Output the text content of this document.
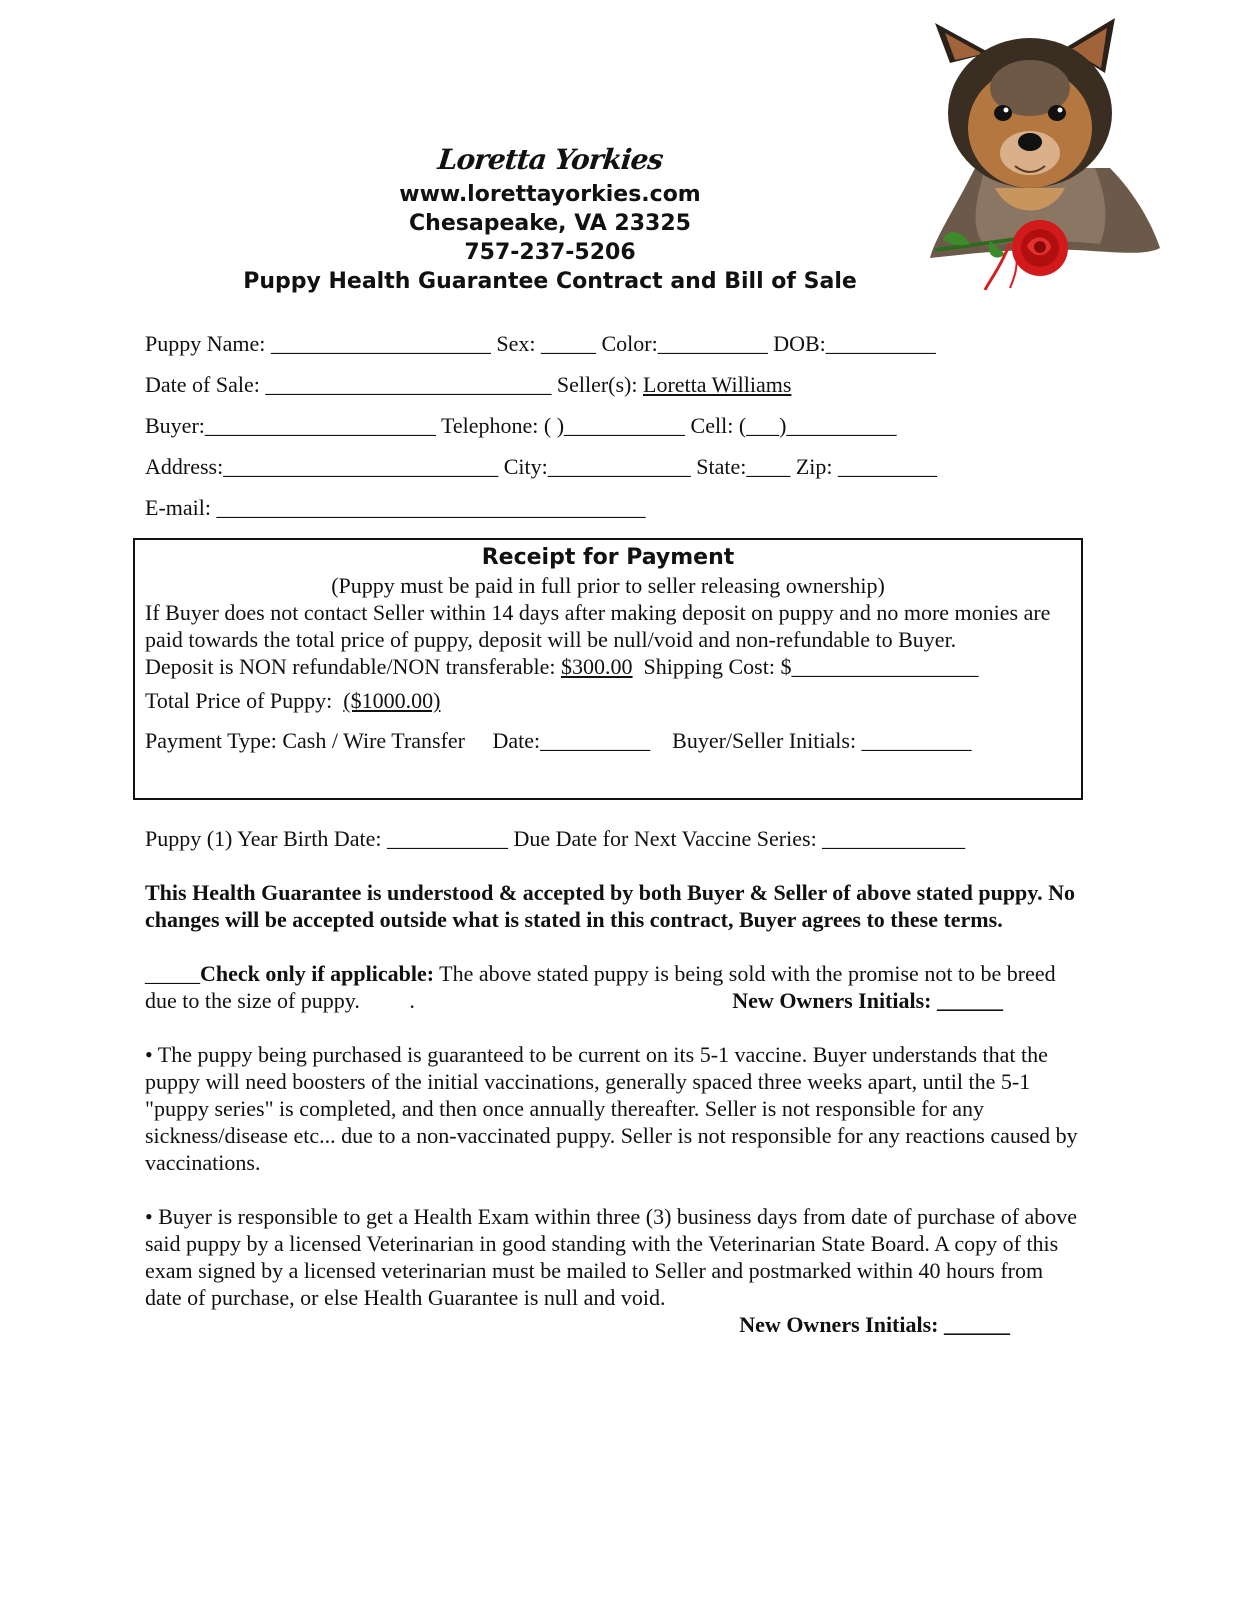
Loretta Yorkies
www.lorettayorkies.com
Chesapeake, VA 23325
757-237-5206
Puppy Health Guarantee Contract and Bill of Sale
Puppy Name: ____________________ Sex: _____ Color:__________ DOB:__________
Date of Sale: __________________________ Seller(s): Loretta Williams
Buyer:_____________________ Telephone: ( )___________ Cell: (___)__________
Address:_________________________ City:_____________ State:____ Zip: _________
E-mail: _______________________________________
Receipt for Payment
(Puppy must be paid in full prior to seller releasing ownership)
If Buyer does not contact Seller within 14 days after making deposit on puppy and no more monies are paid towards the total price of puppy, deposit will be null/void and non-refundable to Buyer.
Deposit is NON refundable/NON transferable: $300.00  Shipping Cost: $_________________
Total Price of Puppy:  ($1000.00)
Payment Type: Cash / Wire Transfer     Date:__________    Buyer/Seller Initials: __________

Puppy (1) Year Birth Date: ___________ Due Date for Next Vaccine Series: _____________

This Health Guarantee is understood & accepted by both Buyer & Seller of above stated puppy. No changes will be accepted outside what is stated in this contract, Buyer agrees to these terms.

_____Check only if applicable: The above stated puppy is being sold with the promise not to be breed due to the size of puppy.         .	New Owners Initials: ______

• The puppy being purchased is guaranteed to be current on its 5-1 vaccine. Buyer understands that the puppy will need boosters of the initial vaccinations, generally spaced three weeks apart, until the 5-1 "puppy series" is completed, and then once annually thereafter. Seller is not responsible for any sickness/disease etc... due to a non-vaccinated puppy. Seller is not responsible for any reactions caused by vaccinations.

• Buyer is responsible to get a Health Exam within three (3) business days from date of purchase of above said puppy by a licensed Veterinarian in good standing with the Veterinarian State Board. A copy of this exam signed by a licensed veterinarian must be mailed to Seller and postmarked within 40 hours from date of purchase, or else Health Guarantee is null and void.

New Owners Initials: ______
